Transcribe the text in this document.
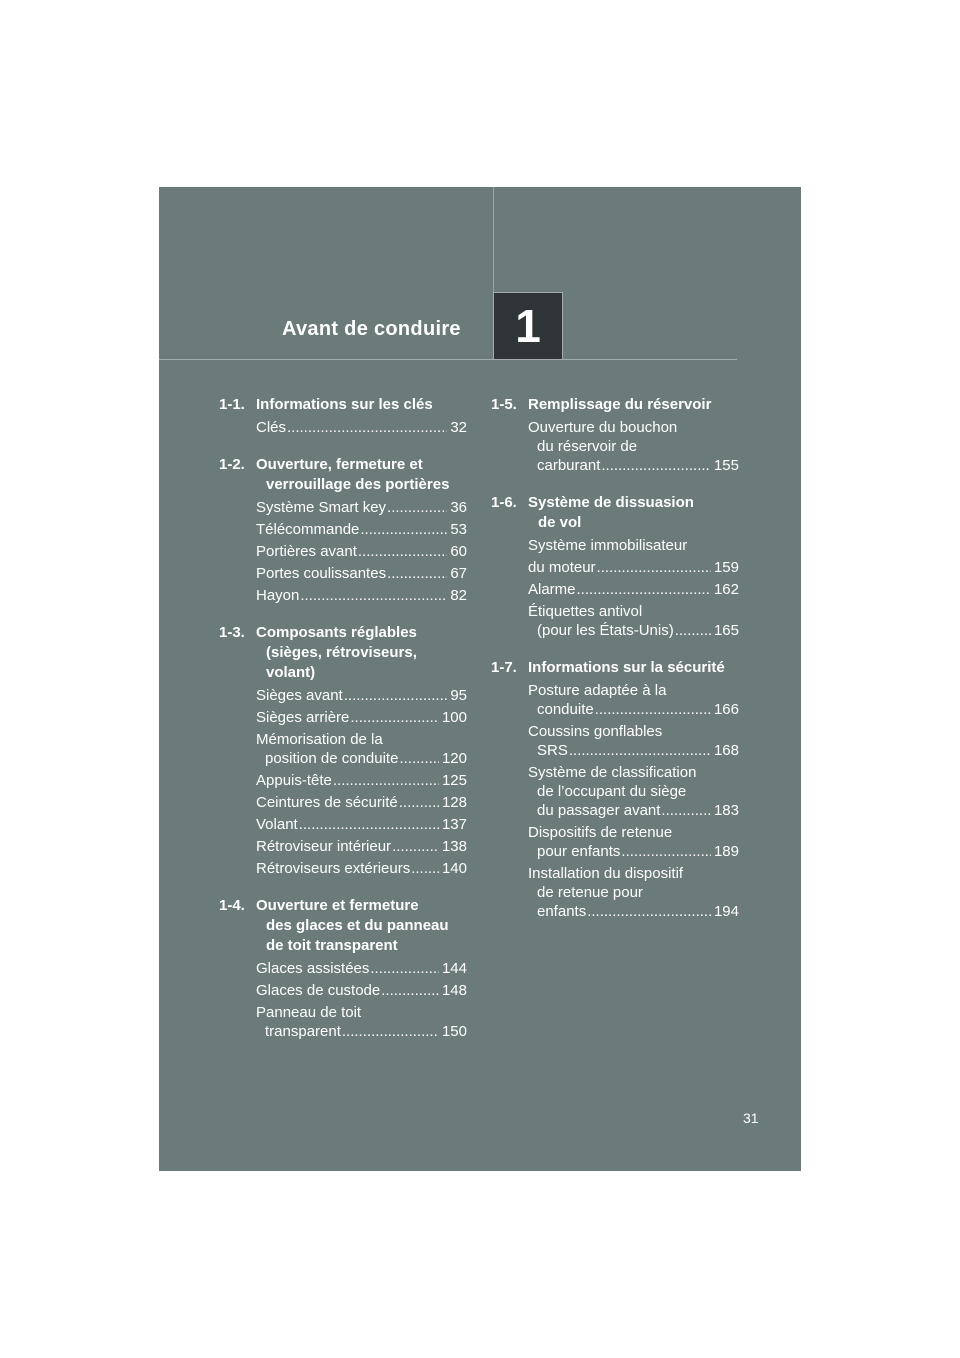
Avant de conduire 1
1-1. Informations sur les clés
Clés .....	32
1-2. Ouverture, fermeture et
verrouillage des portières
Système Smart key .....	36
Télécommande .....	53
Portières avant .....	60
Portes coulissantes .....	67
Hayon .....	82
1-3. Composants réglables
(sièges, rétroviseurs,
volant)
Sièges avant .....	95
Sièges arrière .....	100
Mémorisation de la
position de conduite .....	120
Appuis-tête .....	125
Ceintures de sécurité .....	128
Volant .....	137
Rétroviseur intérieur .....	138
Rétroviseurs extérieurs ..... 140
1-4. Ouverture et fermeture
des glaces et du panneau
de toit transparent
Glaces assistées .....	144
Glaces de custode .....	148
Panneau de toit
transparent .....	150
1-5. Remplissage du réservoir
Ouverture du bouchon
du réservoir de
carburant .....	155
1-6. Système de dissuasion
de vol
Système immobilisateur
du moteur .....	159
Alarme .....	162
Étiquettes antivol
(pour les États-Unis) .....	165
1-7. Informations sur la sécurité
Posture adaptée à la
conduite .....	166
Coussins gonflables
SRS .....	168
Système de classification
de l’occupant du siège
du passager avant .....	183
Dispositifs de retenue
pour enfants .....	189
Installation du dispositif
de retenue pour
enfants .....	194
31
